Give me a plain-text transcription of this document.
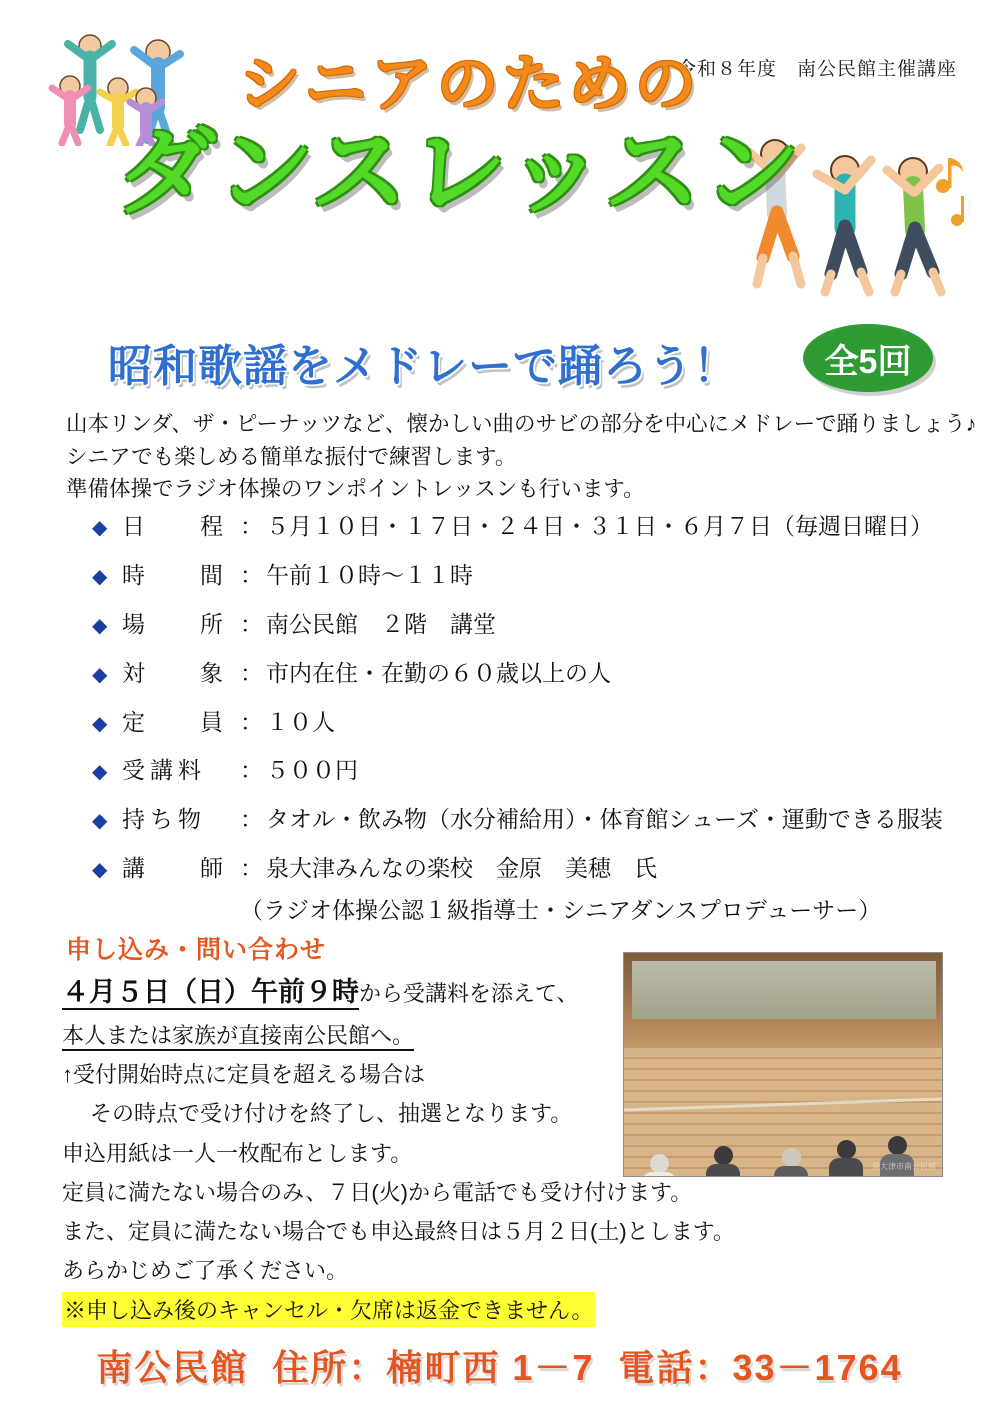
令和８年度　南公民館主催講座
シニアのための ダンスレッスン
昭和歌謡をメドレーで踊ろう！	全5回
山本リンダ、ザ・ピーナッツなど、懐かしい曲のサビの部分を中心にメドレーで踊りましょう♪
シニアでも楽しめる簡単な振付で練習します。
準備体操でラジオ体操のワンポイントレッスンも行います。
◆ 日　程 ： ５月１０日・１７日・２４日・３１日・６月７日（毎週日曜日）
◆ 時　間 ： 午前１０時〜１１時
◆ 場　所 ： 南公民館　２階　講堂
◆ 対　象 ： 市内在住・在勤の６０歳以上の人
◆ 定　員 ： １０人
◆ 受講料	： ５００円
◆ 持ち物	： タオル・飲み物（水分補給用）・体育館シューズ・運動できる服装
◆ 講　師 ： 泉大津みんなの楽校　金原　美穂　氏
（ラジオ体操公認１級指導士・シニアダンスプロデューサー）
申し込み・問い合わせ
４月５日（日）午前９時から受講料を添えて、
本人または家族が直接南公民館へ。
↑受付開始時点に定員を超える場合は
その時点で受け付けを終了し、抽選となります。
申込用紙は一人一枚配布とします。
定員に満たない場合のみ、７日(火)から電話でも受け付けます。
また、定員に満たない場合でも申込最終日は５月２日(土)とします。
あらかじめご了承ください。
※申し込み後のキャンセル・欠席は返金できません。
泉大津市南公民館
南公民館 住所：楠町西 1－7 電話：33－1764
